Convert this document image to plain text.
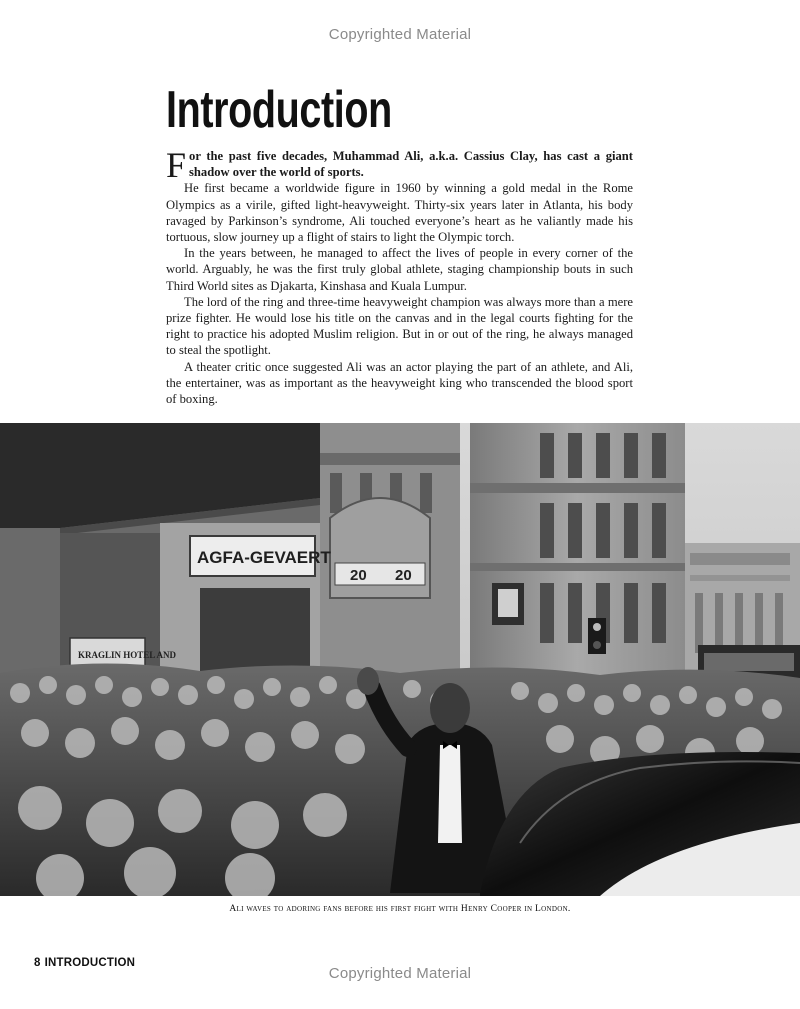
Copyrighted Material
Introduction

For the past five decades, Muhammad Ali, a.k.a. Cassius Clay, has cast a giant shadow over the world of sports.

He first became a worldwide figure in 1960 by winning a gold medal in the Rome Olympics as a virile, gifted light-heavyweight. Thirty-six years later in Atlanta, his body ravaged by Parkinson’s syndrome, Ali touched everyone’s heart as he valiantly made his tortuous, slow journey up a flight of stairs to light the Olympic torch.

In the years between, he managed to affect the lives of people in every corner of the world. Arguably, he was the first truly global athlete, staging championship bouts in such Third World sites as Djakarta, Kinshasa and Kuala Lumpur.

The lord of the ring and three-time heavyweight champion was always more than a mere prize fighter. He would lose his title on the canvas and in the legal courts fighting for the right to practice his adopted Muslim religion. But in or out of the ring, he always managed to steal the spotlight.

A theater critic once suggested Ali was an actor playing the part of an athlete, and Ali, the entertainer, was as important as the heavyweight king who transcended the blood sport of boxing.

20 20
AGFA-GEVAERT
KRAGLIN HOTEL AND
Ali waves to adoring fans before his first fight with Henry Cooper in London.
8 INTRODUCTION
Copyrighted Material
